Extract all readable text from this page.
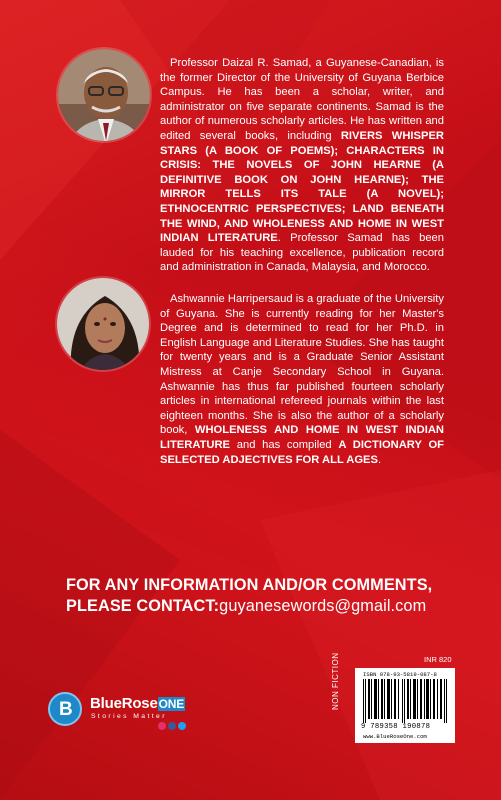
Professor Daizal R. Samad, a Guyanese-Canadian, is the former Director of the University of Guyana Berbice Campus. He has been a scholar, writer, and administrator on five separate continents. Samad is the author of numerous scholarly articles. He has written and edited several books, including RIVERS WHISPER STARS (A BOOK OF POEMS); CHARACTERS IN CRISIS: THE NOVELS OF JOHN HEARNE (A DEFINITIVE BOOK ON JOHN HEARNE); THE MIRROR TELLS ITS TALE (A NOVEL); ETHNOCENTRIC PERSPECTIVES; LAND BENEATH THE WIND, AND WHOLENESS AND HOME IN WEST INDIAN LITERATURE. Professor Samad has been lauded for his teaching excellence, publication record and administration in Canada, Malaysia, and Morocco.
Ashwannie Harripersaud is a graduate of the University of Guyana. She is currently reading for her Master's Degree and is determined to read for her Ph.D. in English Language and Literature Studies. She has taught for twenty years and is a Graduate Senior Assistant Mistress at Canje Secondary School in Guyana. Ashwannie has thus far published fourteen scholarly articles in international refereed journals within the last eighteen months. She is also the author of a scholarly book, WHOLENESS AND HOME IN WEST INDIAN LITERATURE and has compiled A DICTIONARY OF SELECTED ADJECTIVES FOR ALL AGES.
FOR ANY INFORMATION AND/OR COMMENTS,
PLEASE CONTACT:guyanesewords@gmail.com
B
BlueRoseONE
Stories Matter
INR 820
NON FICTION	ISBN 978-93-5819-087-8
9 789358 190878
www.BlueRoseOne.com
